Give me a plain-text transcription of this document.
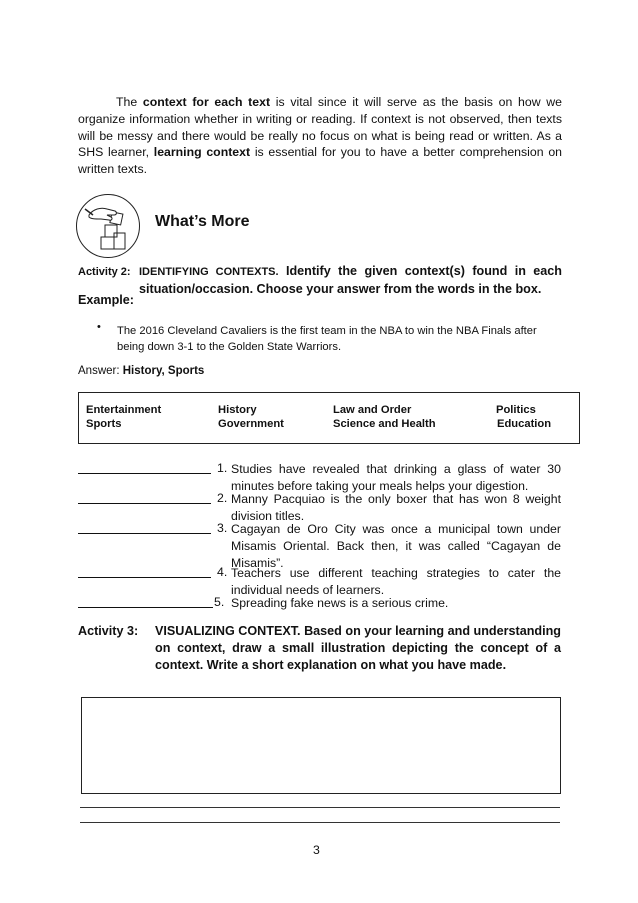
The context for each text is vital since it will serve as the basis on how we organize information whether in writing or reading. If context is not observed, then texts will be messy and there would be really no focus on what is being read or written. As a SHS learner, learning context is essential for you to have a better comprehension on written texts.
What’s More
Activity 2: IDENTIFYING CONTEXTS. Identify the given context(s) found in each situation/occasion. Choose your answer from the words in the box.
Example:
• The 2016 Cleveland Cavaliers is the first team in the NBA to win the NBA Finals after being down 3-1 to the Golden State Warriors.
Answer: History, Sports
Entertainment	History	Law and Order	Politics
Sports	Government	Science and Health	Education
1. Studies have revealed that drinking a glass of water 30 minutes before taking your meals helps your digestion.
2. Manny Pacquiao is the only boxer that has won 8 weight division titles.
3. Cagayan de Oro City was once a municipal town under Misamis Oriental. Back then, it was called “Cagayan de Misamis”.
4. Teachers use different teaching strategies to cater the individual needs of learners.
5. Spreading fake news is a serious crime.
Activity 3: VISUALIZING CONTEXT. Based on your learning and understanding on context, draw a small illustration depicting the concept of a context. Write a short explanation on what you have made.
3
